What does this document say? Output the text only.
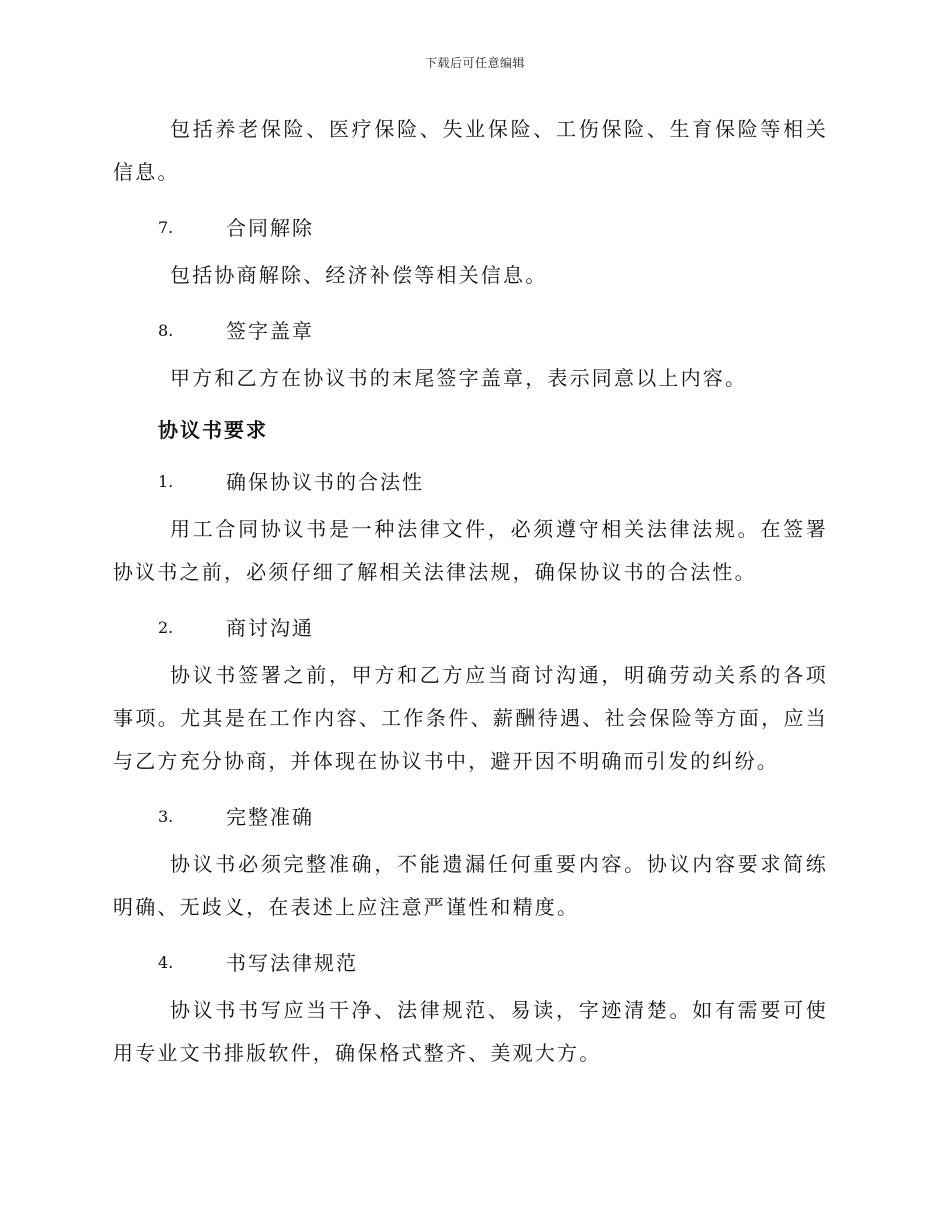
下载后可任意编辑

包括养老保险、医疗保险、失业保险、工伤保险、生育保险等相关信息。

7.	合同解除

包括协商解除、经济补偿等相关信息。

8.	签字盖章

甲方和乙方在协议书的末尾签字盖章，表示同意以上内容。

协议书要求
1.	确保协议书的合法性

用工合同协议书是一种法律文件，必须遵守相关法律法规。在签署协议书之前，必须仔细了解相关法律法规，确保协议书的合法性。

2.	商讨沟通

协议书签署之前，甲方和乙方应当商讨沟通，明确劳动关系的各项事项。尤其是在工作内容、工作条件、薪酬待遇、社会保险等方面，应当与乙方充分协商，并体现在协议书中，避开因不明确而引发的纠纷。

3.	完整准确

协议书必须完整准确，不能遗漏任何重要内容。协议内容要求简练明确、无歧义，在表述上应注意严谨性和精度。

4.	书写法律规范

协议书书写应当干净、法律规范、易读，字迹清楚。如有需要可使用专业文书排版软件，确保格式整齐、美观大方。
